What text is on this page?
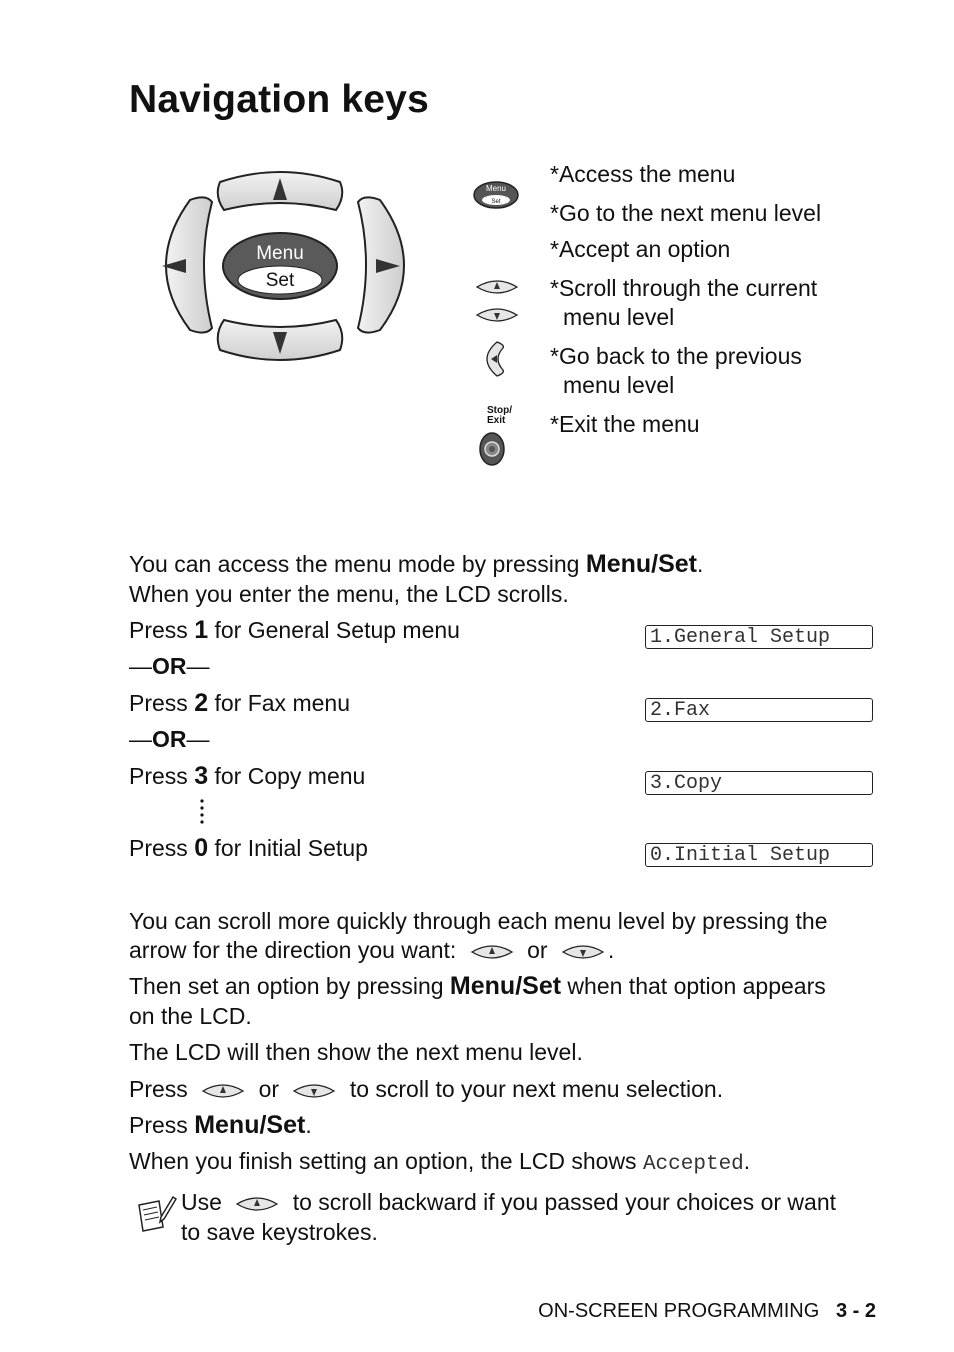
Navigation keys
Menu
Set
Menu
Set
Stop/
Exit
*Access the menu
*Go to the next menu level
*Accept an option
*Scroll through the current
menu level
*Go back to the previous
menu level
*Exit the menu
You can access the menu mode by pressing Menu/Set.
When you enter the menu, the LCD scrolls.
Press 1 for General Setup menu	1.General Setup
—OR—
Press 2 for Fax menu	2.Fax
—OR—
Press 3 for Copy menu	3.Copy
Press 0 for Initial Setup	0.Initial Setup
You can scroll more quickly through each menu level by pressing the
arrow for the direction you want:	or	.
Then set an option by pressing Menu/Set when that option appears
on the LCD.
The LCD will then show the next menu level.
Press	or	to scroll to your next menu selection.
Press Menu/Set.
When you finish setting an option, the LCD shows Accepted.
Use	to scroll backward if you passed your choices or want
to save keystrokes.
ON-SCREEN PROGRAMMING 3 - 2
